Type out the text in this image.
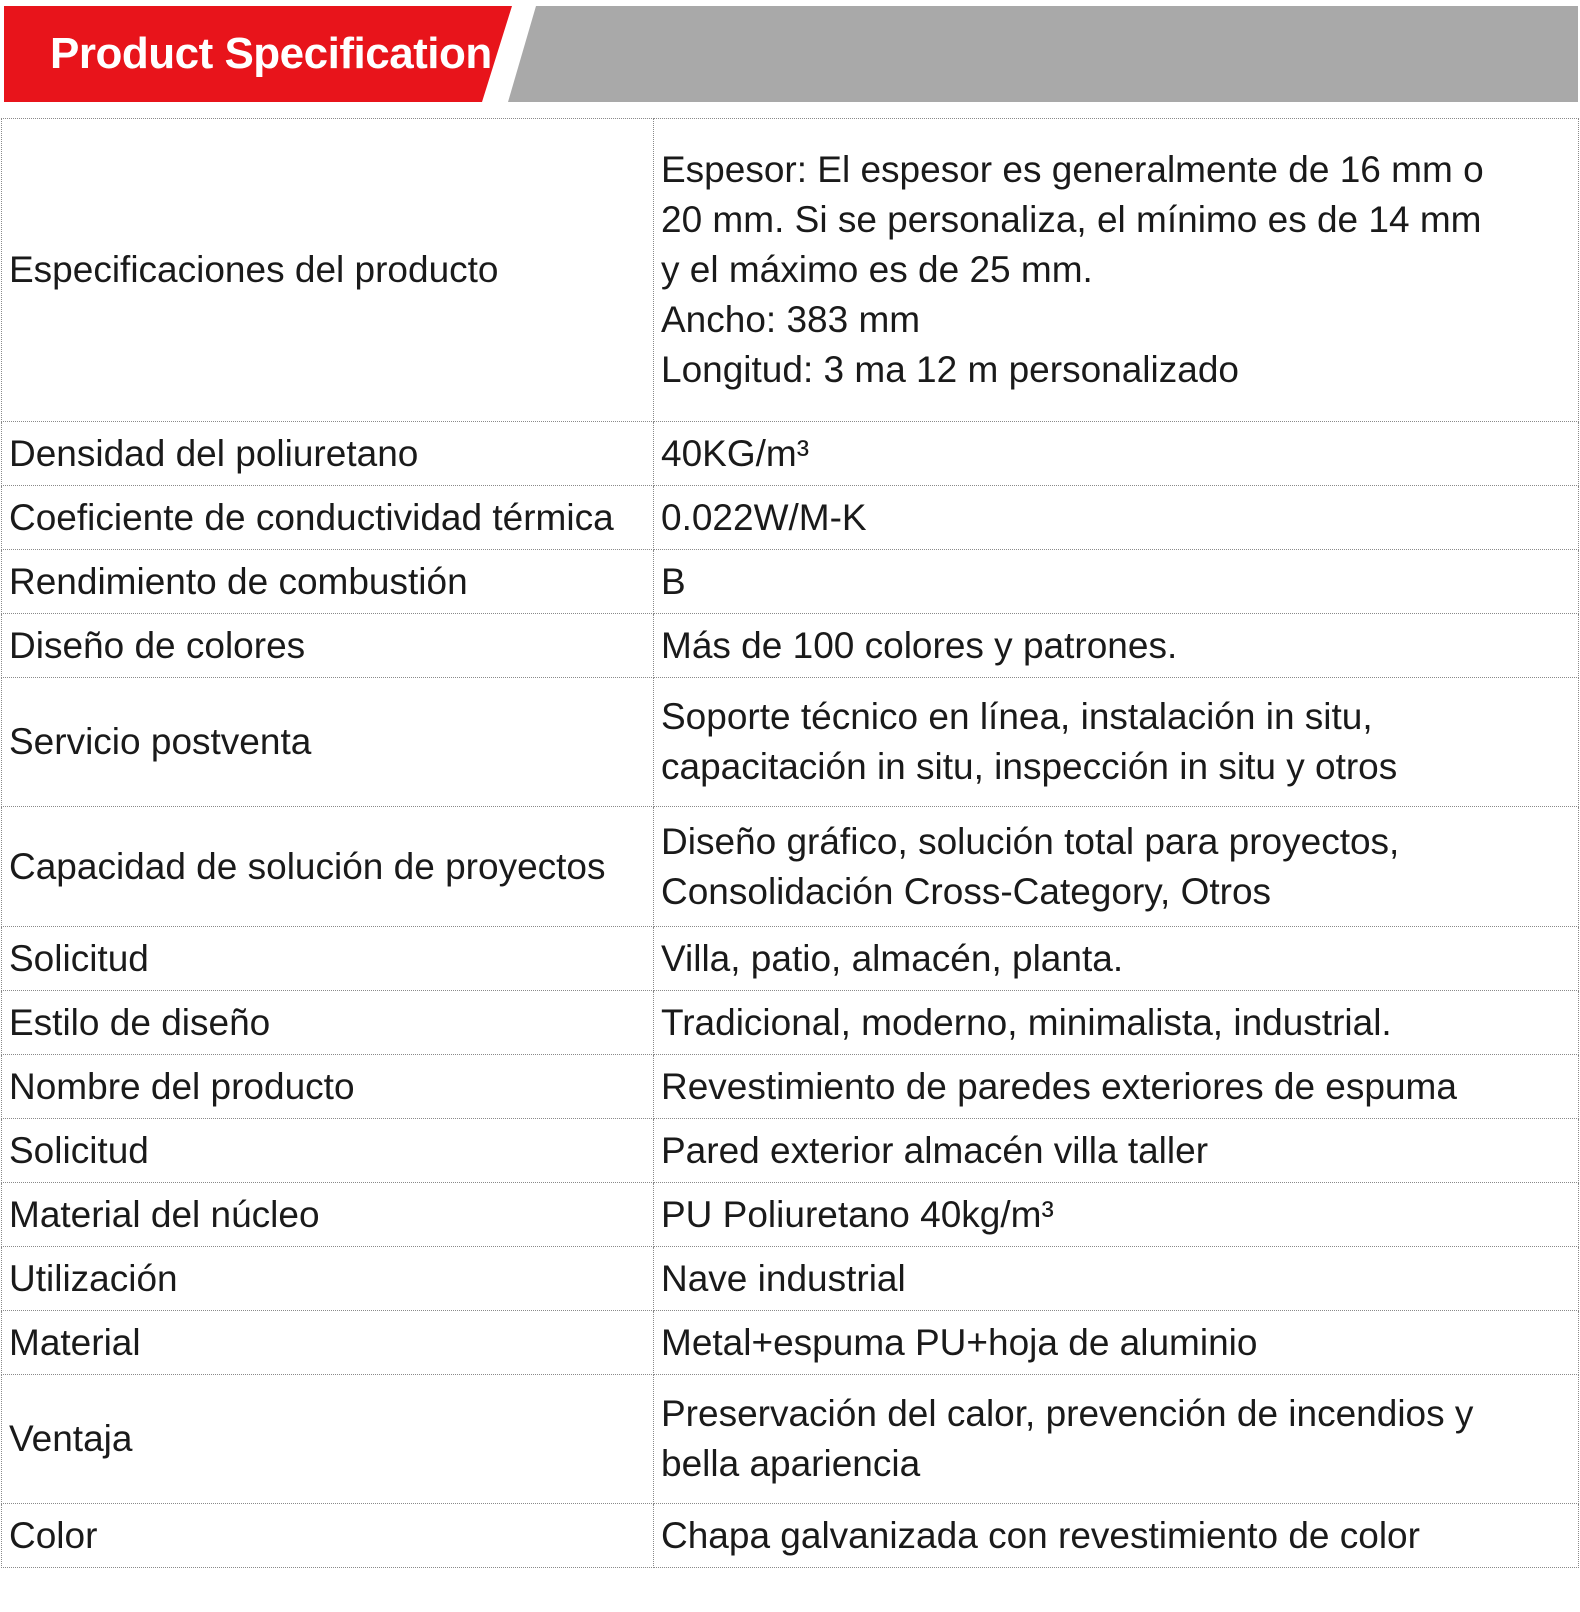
Product Specification
Especificaciones del producto	Espesor: El espesor es generalmente de 16 mm o
20 mm. Si se personaliza, el mínimo es de 14 mm
y el máximo es de 25 mm.
Ancho: 383 mm
Longitud: 3 ma 12 m personalizado

Densidad del poliuretano	40KG/m³

Coeficiente de conductividad térmica	0.022W/M-K

Rendimiento de combustión	B

Diseño de colores	Más de 100 colores y patrones.

Servicio postventa	Soporte técnico en línea, instalación in situ,
capacitación in situ, inspección in situ y otros

Capacidad de solución de proyectos	Diseño gráfico, solución total para proyectos,
Consolidación Cross-Category, Otros

Solicitud	Villa, patio, almacén, planta.

Estilo de diseño	Tradicional, moderno, minimalista, industrial.

Nombre del producto	Revestimiento de paredes exteriores de espuma

Solicitud	Pared exterior almacén villa taller

Material del núcleo	PU Poliuretano 40kg/m³

Utilización	Nave industrial

Material	Metal+espuma PU+hoja de aluminio

Ventaja	Preservación del calor, prevención de incendios y
bella apariencia

Color	Chapa galvanizada con revestimiento de color
